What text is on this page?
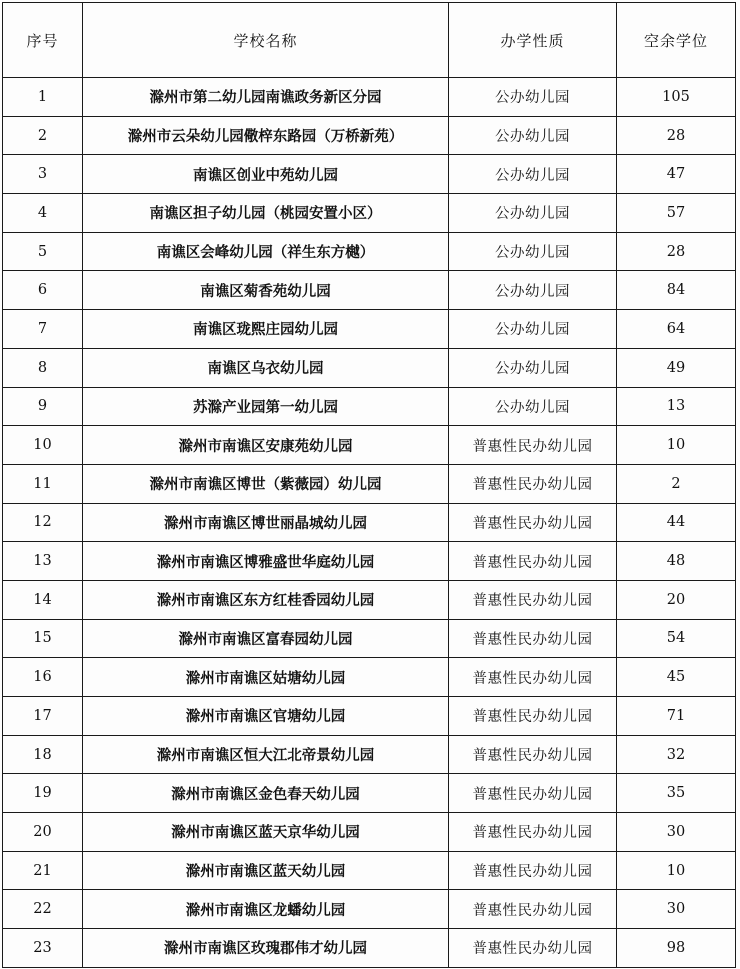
序号	学校名称	办学性质	空余学位
1	滁州市第二幼儿园南谯政务新区分园	公办幼儿园	105
2	滁州市云朵幼儿园儆梓东路园（万桥新苑）	公办幼儿园	28
3	南谯区创业中苑幼儿园	公办幼儿园	47
4	南谯区担子幼儿园（桃园安置小区）	公办幼儿园	57
5	南谯区会峰幼儿园（祥生东方樾）	公办幼儿园	28
6	南谯区菊香苑幼儿园	公办幼儿园	84
7	南谯区珑熙庄园幼儿园	公办幼儿园	64
8	南谯区乌衣幼儿园	公办幼儿园	49
9	苏滁产业园第一幼儿园	公办幼儿园	13
10	滁州市南谯区安康苑幼儿园	普惠性民办幼儿园	10
11	滁州市南谯区博世（紫薇园）幼儿园	普惠性民办幼儿园	2
12	滁州市南谯区博世丽晶城幼儿园	普惠性民办幼儿园	44
13	滁州市南谯区博雅盛世华庭幼儿园	普惠性民办幼儿园	48
14	滁州市南谯区东方红桂香园幼儿园	普惠性民办幼儿园	20
15	滁州市南谯区富春园幼儿园	普惠性民办幼儿园	54
16	滁州市南谯区姑塘幼儿园	普惠性民办幼儿园	45
17	滁州市南谯区官塘幼儿园	普惠性民办幼儿园	71
18	滁州市南谯区恒大江北帝景幼儿园	普惠性民办幼儿园	32
19	滁州市南谯区金色春天幼儿园	普惠性民办幼儿园	35
20	滁州市南谯区蓝天京华幼儿园	普惠性民办幼儿园	30
21	滁州市南谯区蓝天幼儿园	普惠性民办幼儿园	10
22	滁州市南谯区龙蟠幼儿园	普惠性民办幼儿园	30
23	滁州市南谯区玫瑰郡伟才幼儿园	普惠性民办幼儿园	98
